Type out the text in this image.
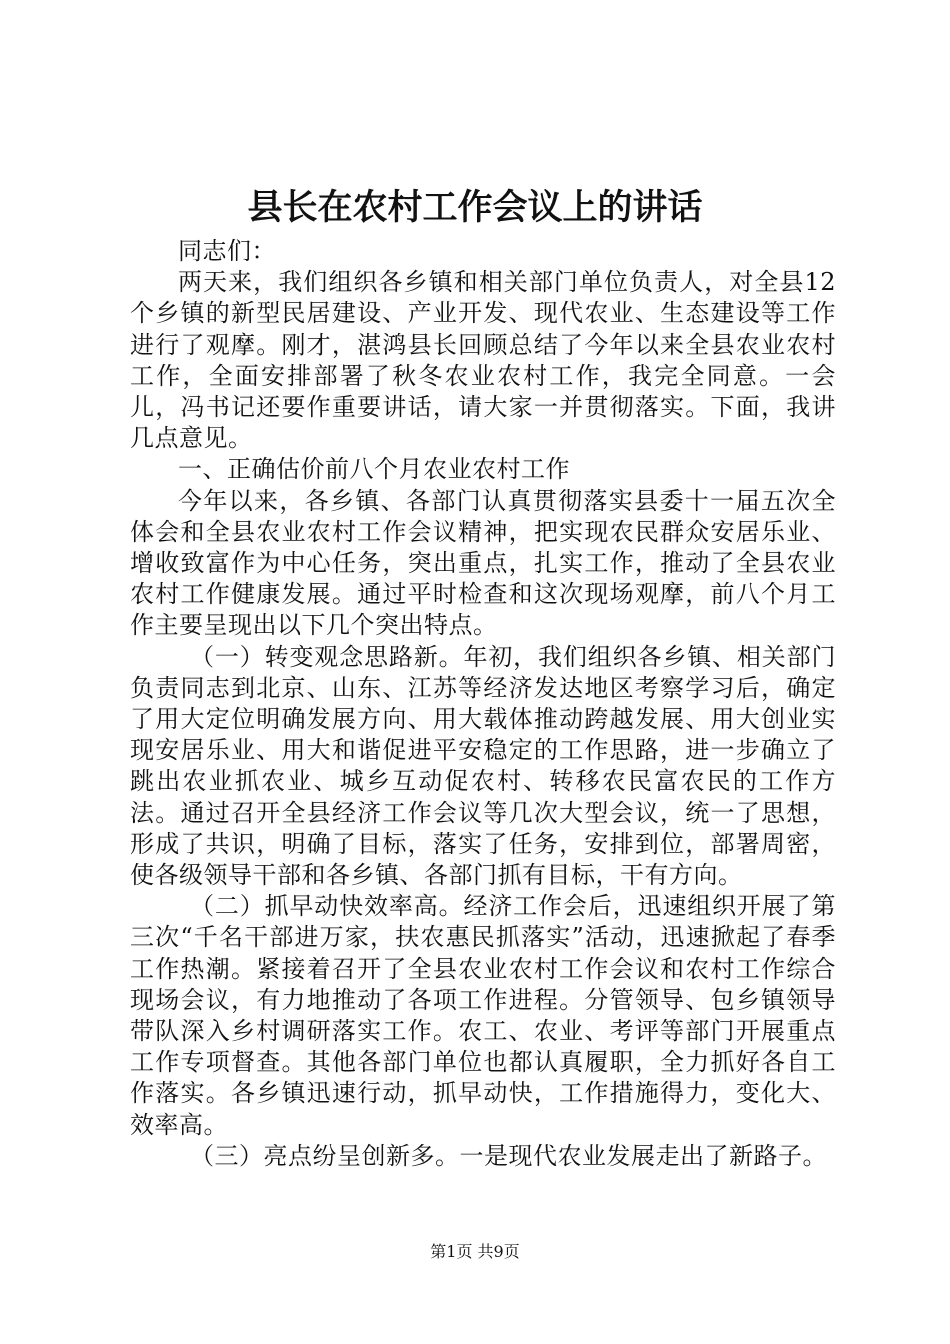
县长在农村工作会议上的讲话

同志们：

两天来，我们组织各乡镇和相关部门单位负责人，对全县12个乡镇的新型民居建设、产业开发、现代农业、生态建设等工作进行了观摩。刚才，湛鸿县长回顾总结了今年以来全县农业农村工作，全面安排部署了秋冬农业农村工作，我完全同意。一会儿，冯书记还要作重要讲话，请大家一并贯彻落实。下面，我讲几点意见。

一、正确估价前八个月农业农村工作

今年以来，各乡镇、各部门认真贯彻落实县委十一届五次全体会和全县农业农村工作会议精神，把实现农民群众安居乐业、增收致富作为中心任务，突出重点，扎实工作，推动了全县农业农村工作健康发展。通过平时检查和这次现场观摩，前八个月工作主要呈现出以下几个突出特点。

（一）转变观念思路新。年初，我们组织各乡镇、相关部门负责同志到北京、山东、江苏等经济发达地区考察学习后，确定了用大定位明确发展方向、用大载体推动跨越发展、用大创业实现安居乐业、用大和谐促进平安稳定的工作思路，进一步确立了跳出农业抓农业、城乡互动促农村、转移农民富农民的工作方法。通过召开全县经济工作会议等几次大型会议，统一了思想，形成了共识，明确了目标，落实了任务，安排到位，部署周密，使各级领导干部和各乡镇、各部门抓有目标，干有方向。

（二）抓早动快效率高。经济工作会后，迅速组织开展了第三次“千名干部进万家，扶农惠民抓落实”活动，迅速掀起了春季工作热潮。紧接着召开了全县农业农村工作会议和农村工作综合现场会议，有力地推动了各项工作进程。分管领导、包乡镇领导带队深入乡村调研落实工作。农工、农业、考评等部门开展重点工作专项督查。其他各部门单位也都认真履职，全力抓好各自工作落实。各乡镇迅速行动，抓早动快，工作措施得力，变化大、效率高。

（三）亮点纷呈创新多。一是现代农业发展走出了新路子。

第1页 共9页
